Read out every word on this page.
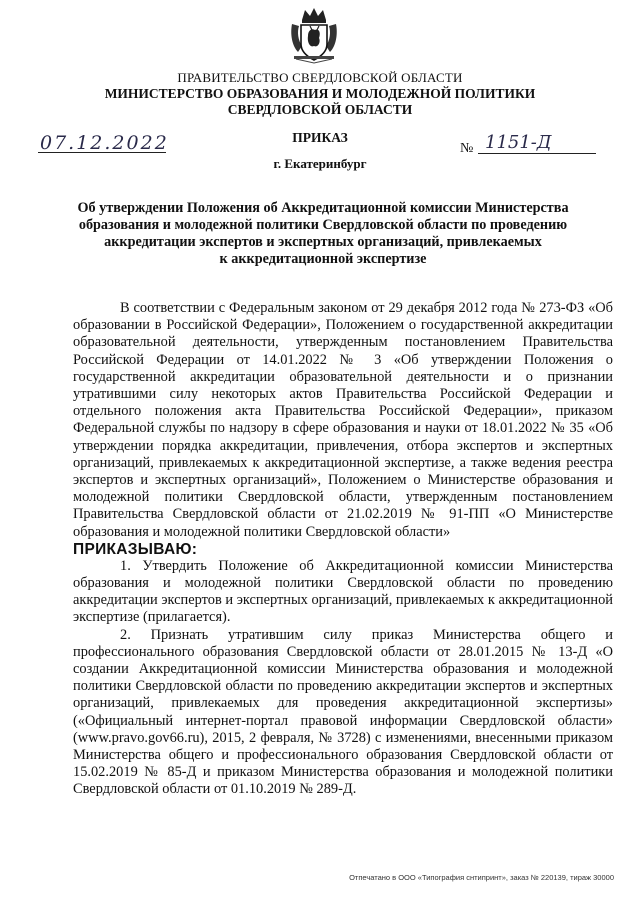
ПРАВИТЕЛЬСТВО СВЕРДЛОВСКОЙ ОБЛАСТИ
МИНИСТЕРСТВО ОБРАЗОВАНИЯ И МОЛОДЕЖНОЙ ПОЛИТИКИ
СВЕРДЛОВСКОЙ ОБЛАСТИ
ПРИКАЗ
07.12.2022	№ 1151-Д
г. Екатеринбург
Об утверждении Положения об Аккредитационной комиссии Министерства
образования и молодежной политики Свердловской области по проведению
аккредитации экспертов и экспертных организаций, привлекаемых
к аккредитационной экспертизе

В соответствии с Федеральным законом от 29 декабря 2012 года № 273-ФЗ «Об образовании в Российской Федерации», Положением о государственной аккредитации образовательной деятельности, утвержденным постановлением Правительства Российской Федерации от 14.01.2022 № 3 «Об утверждении Положения о государственной аккредитации образовательной деятельности и о признании утратившими силу некоторых актов Правительства Российской Федерации и отдельного положения акта Правительства Российской Федерации», приказом Федеральной службы по надзору в сфере образования и науки от 18.01.2022 № 35 «Об утверждении порядка аккредитации, привлечения, отбора экспертов и экспертных организаций, привлекаемых к аккредитационной экспертизе, а также ведения реестра экспертов и экспертных организаций», Положением о Министерстве образования и молодежной политики Свердловской области, утвержденным постановлением Правительства Свердловской области от 21.02.2019 № 91-ПП «О Министерстве образования и молодежной политики Свердловской области»

ПРИКАЗЫВАЮ:

1. Утвердить Положение об Аккредитационной комиссии Министерства образования и молодежной политики Свердловской области по проведению аккредитации экспертов и экспертных организаций, привлекаемых к аккредитационной экспертизе (прилагается).

2. Признать утратившим силу приказ Министерства общего и профессионального образования Свердловской области от 28.01.2015 № 13-Д «О создании Аккредитационной комиссии Министерства образования и молодежной политики Свердловской области по проведению аккредитации экспертов и экспертных организаций, привлекаемых для проведения аккредитационной экспертизы» («Официальный интернет-портал правовой информации Свердловской области» (www.pravo.gov66.ru), 2015, 2 февраля, № 3728) с изменениями, внесенными приказом Министерства общего и профессионального образования Свердловской области от 15.02.2019 № 85-Д и приказом Министерства образования и молодежной политики Свердловской области от 01.10.2019 № 289-Д.

Отпечатано в ООО «Типография снтипринт», заказ № 220139, тираж 30000
